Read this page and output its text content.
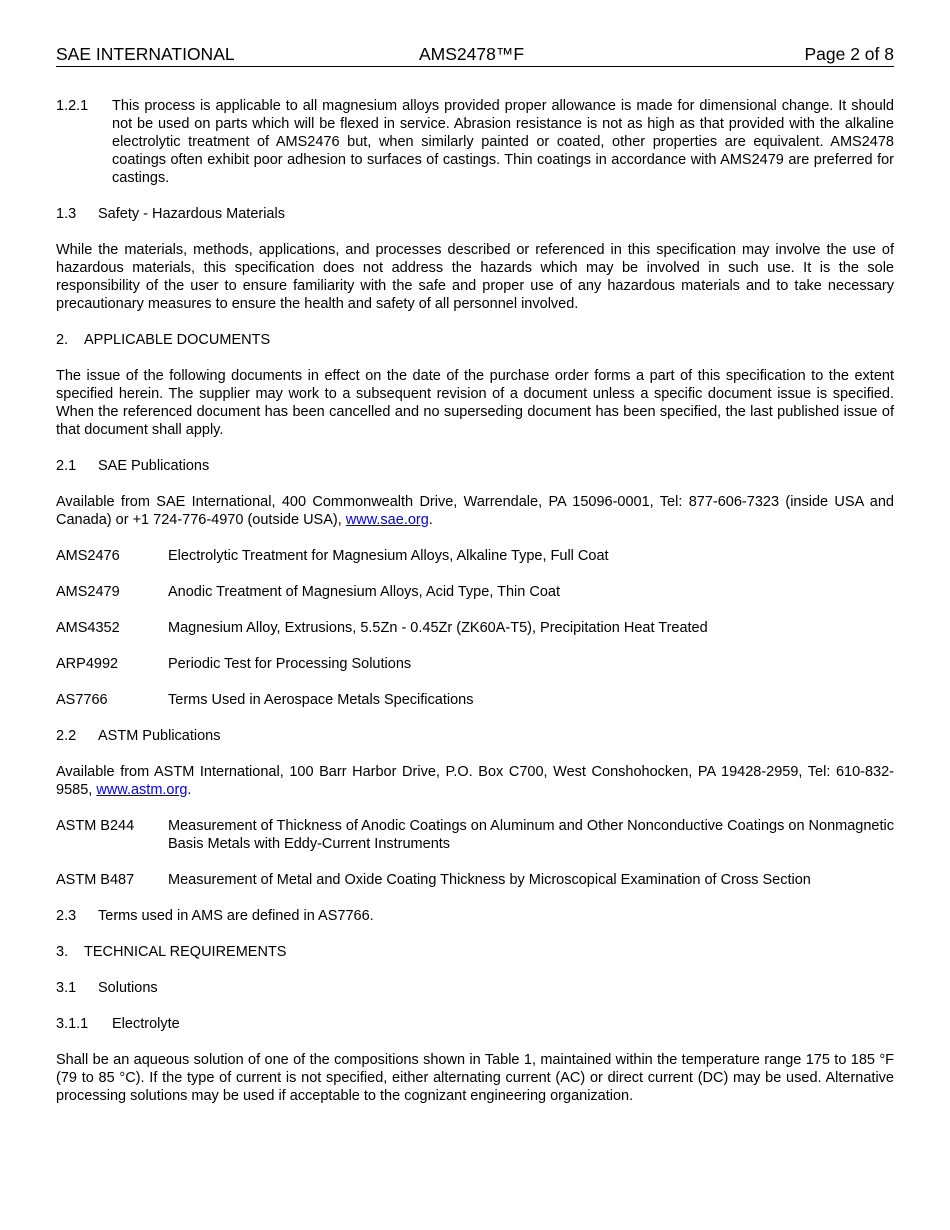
SAE INTERNATIONAL	AMS2478™F	Page 2 of 8
1.2.1	This process is applicable to all magnesium alloys provided proper allowance is made for dimensional change. It should not be used on parts which will be flexed in service. Abrasion resistance is not as high as that provided with the alkaline electrolytic treatment of AMS2476 but, when similarly painted or coated, other properties are equivalent. AMS2478 coatings often exhibit poor adhesion to surfaces of castings. Thin coatings in accordance with AMS2479 are preferred for castings.

1.3 Safety - Hazardous Materials

While the materials, methods, applications, and processes described or referenced in this specification may involve the use of hazardous materials, this specification does not address the hazards which may be involved in such use. It is the sole responsibility of the user to ensure familiarity with the safe and proper use of any hazardous materials and to take necessary precautionary measures to ensure the health and safety of all personnel involved.

2. APPLICABLE DOCUMENTS

The issue of the following documents in effect on the date of the purchase order forms a part of this specification to the extent specified herein. The supplier may work to a subsequent revision of a document unless a specific document issue is specified. When the referenced document has been cancelled and no superseding document has been specified, the last published issue of that document shall apply.

2.1 SAE Publications

Available from SAE International, 400 Commonwealth Drive, Warrendale, PA 15096-0001, Tel: 877-606-7323 (inside USA and Canada) or +1 724-776-4970 (outside USA), www.sae.org.

AMS2476	Electrolytic Treatment for Magnesium Alloys, Alkaline Type, Full Coat
AMS2479	Anodic Treatment of Magnesium Alloys, Acid Type, Thin Coat
AMS4352	Magnesium Alloy, Extrusions, 5.5Zn - 0.45Zr (ZK60A-T5), Precipitation Heat Treated
ARP4992	Periodic Test for Processing Solutions
AS7766	Terms Used in Aerospace Metals Specifications

2.2 ASTM Publications

Available from ASTM International, 100 Barr Harbor Drive, P.O. Box C700, West Conshohocken, PA 19428-2959, Tel: 610-832-9585, www.astm.org.

ASTM B244	Measurement of Thickness of Anodic Coatings on Aluminum and Other Nonconductive Coatings on Nonmagnetic Basis Metals with Eddy-Current Instruments
ASTM B487	Measurement of Metal and Oxide Coating Thickness by Microscopical Examination of Cross Section

2.3 Terms used in AMS are defined in AS7766.

3. TECHNICAL REQUIREMENTS

3.1 Solutions

3.1.1 Electrolyte

Shall be an aqueous solution of one of the compositions shown in Table 1, maintained within the temperature range 175 to 185 °F (79 to 85 °C). If the type of current is not specified, either alternating current (AC) or direct current (DC) may be used. Alternative processing solutions may be used if acceptable to the cognizant engineering organization.
